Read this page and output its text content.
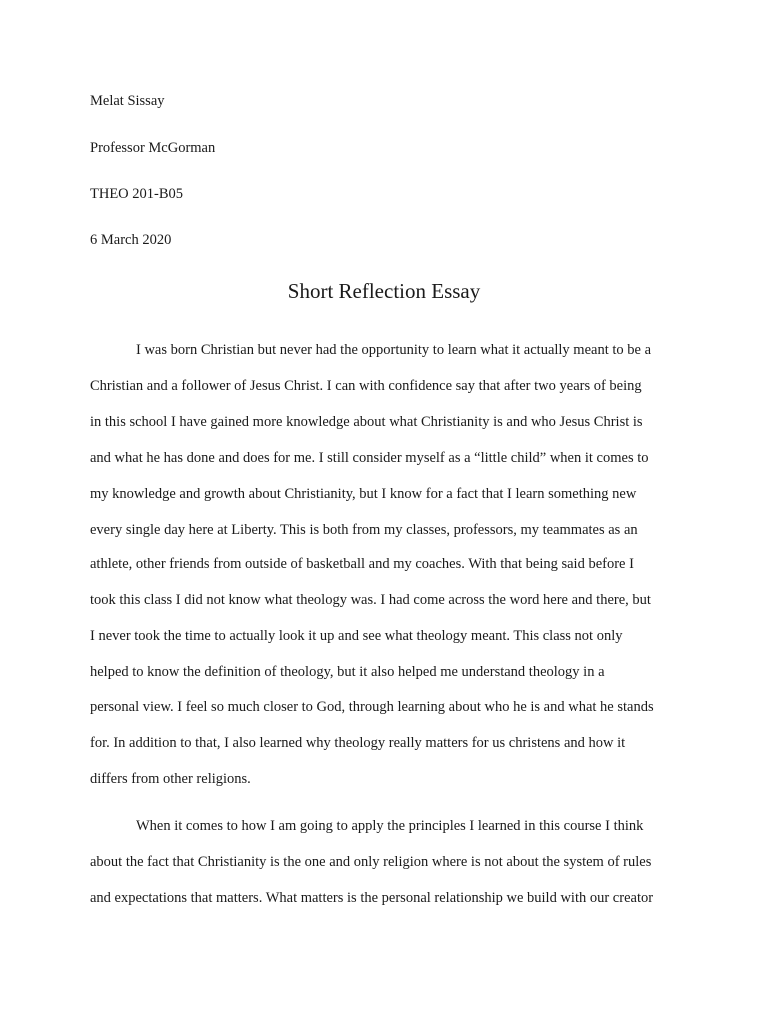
Melat Sissay
Professor McGorman
THEO 201-B05
6 March 2020
Short Reflection Essay
I was born Christian but never had the opportunity to learn what it actually meant to be a
Christian and a follower of Jesus Christ. I can with confidence say that after two years of being
in this school I have gained more knowledge about what Christianity is and who Jesus Christ is
and what he has done and does for me. I still consider myself as a “little child” when it comes to
my knowledge and growth about Christianity, but I know for a fact that I learn something new
every single day here at Liberty. This is both from my classes, professors, my teammates as an
athlete, other friends from outside of basketball and my coaches. With that being said before I
took this class I did not know what theology was. I had come across the word here and there, but
I never took the time to actually look it up and see what theology meant. This class not only
helped to know the definition of theology, but it also helped me understand theology in a
personal view. I feel so much closer to God, through learning about who he is and what he stands
for. In addition to that, I also learned why theology really matters for us christens and how it
differs from other religions.
When it comes to how I am going to apply the principles I learned in this course I think
about the fact that Christianity is the one and only religion where is not about the system of rules
and expectations that matters. What matters is the personal relationship we build with our creator
